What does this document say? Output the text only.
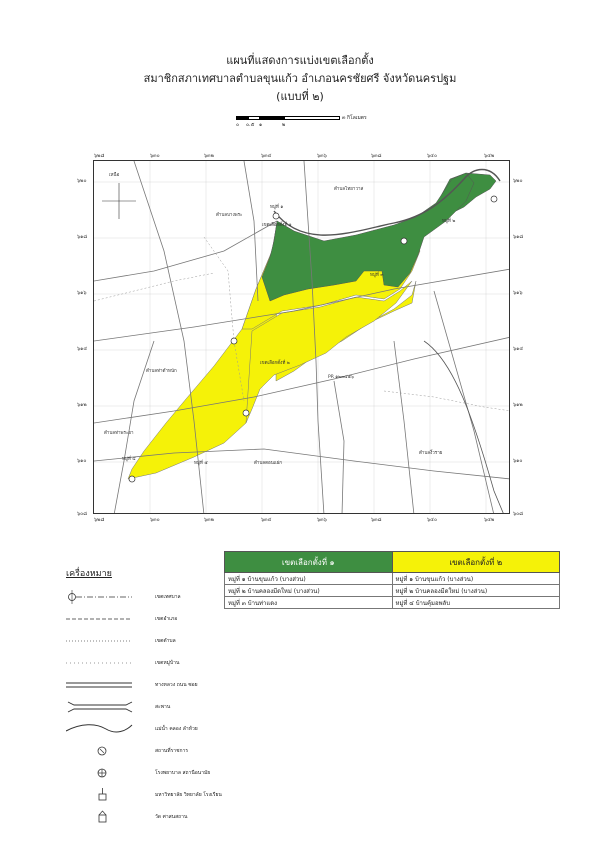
แผนที่แสดงการแบ่งเขตเลือกตั้ง
สมาชิกสภาเทศบาลตำบลขุนแก้ว อำเภอนครชัยศรี จังหวัดนครปฐม
(แบบที่ ๒)
๐ ๐.๕ ๑	๒
๓ กิโลเมตร
๖๒๘	๖๓๐	๖๓๒	๖๓๔	๖๓๖	๖๓๘	๖๔๐	๖๔๒
๖๒๘	๖๓๐	๖๓๒	๖๓๔	๖๓๖	๖๓๘	๖๔๐	๖๔๒
๖๒๐
๖๑๘
๖๑๖
๖๑๔
๖๑๒
๖๑๐
๖๐๘
๖๒๐
๖๑๘
๖๑๖
๖๑๔
๖๑๒
๖๑๐
๖๐๘
เหนือ
ตำบลไทยาวาส
ตำบลบางพระ
เขตเลือกตั้งที่ ๑
เขตเลือกตั้งที่ ๒
ตำบลท่าตำหนัก
ตำบลงิ้วราย
ตำบลดอนแฝก
ตำบลท่าพระยา
หมู่ที่ ๑
หมู่ที่ ๒
หมู่ที่ ๓
หมู่ที่ ๔
หมู่ที่ ๕
PR ๑๒๓๔๕๖
เครื่องหมาย
เขตเทศบาล
เขตอำเภอ
เขตตำบล
เขตหมู่บ้าน
ทางหลวง ถนน ซอย
สะพาน
แม่น้ำ คลอง ลำห้วย
สถานที่ราชการ
โรงพยาบาล สถานีอนามัย
มหาวิทยาลัย วิทยาลัย โรงเรียน
วัด ศาสนสถาน
เขตเลือกตั้งที่ ๑	เขตเลือกตั้งที่ ๒
หมู่ที่ ๑ บ้านขุนแก้ว (บางส่วน)	หมู่ที่ ๑ บ้านขุนแก้ว (บางส่วน)
หมู่ที่ ๒ บ้านคลองมีดใหม่ (บางส่วน)	หมู่ที่ ๒ บ้านคลองมีดใหม่ (บางส่วน)
หมู่ที่ ๓ บ้านท่าแดง	หมู่ที่ ๔ บ้านคุ้มอพลับ
